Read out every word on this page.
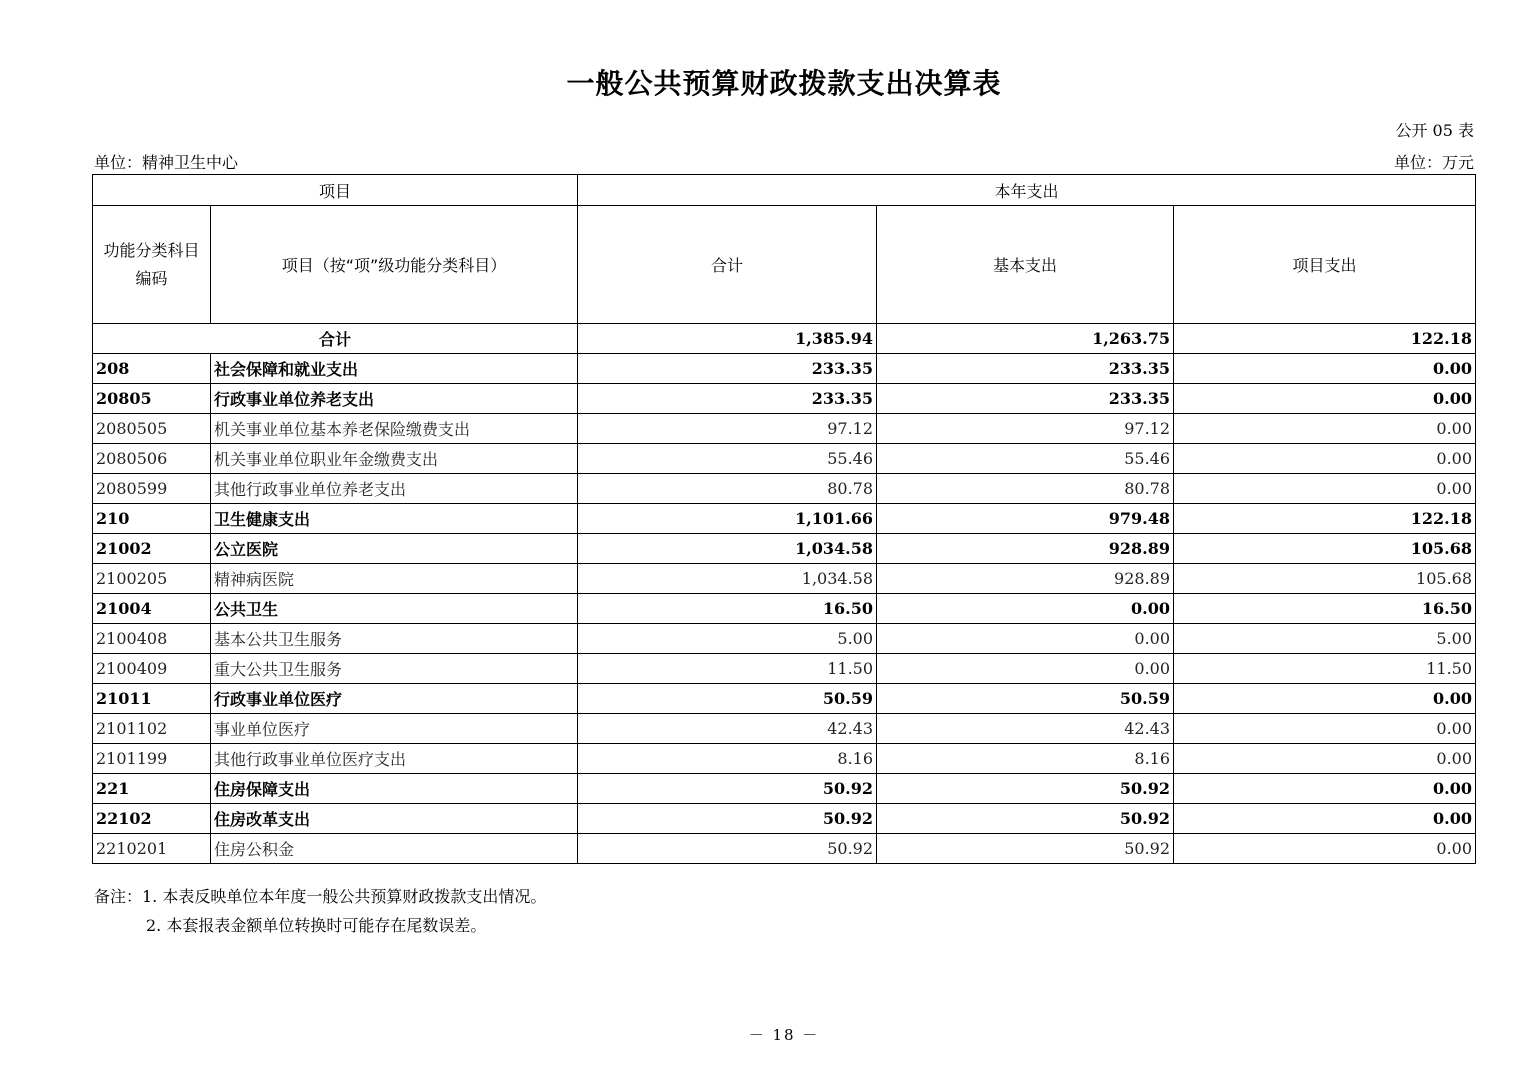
一般公共预算财政拨款支出决算表
公开 05 表
单位：精神卫生中心	单位：万元
项目		本年支出		
功能分类科目编码	项目（按“项”级功能分类科目）	合计	基本支出	项目支出
合计		1,385.94	1,263.75	122.18
208	社会保障和就业支出	233.35	233.35	0.00
20805	行政事业单位养老支出	233.35	233.35	0.00
2080505	机关事业单位基本养老保险缴费支出	97.12	97.12	0.00
2080506	机关事业单位职业年金缴费支出	55.46	55.46	0.00
2080599	其他行政事业单位养老支出	80.78	80.78	0.00
210	卫生健康支出	1,101.66	979.48	122.18
21002	公立医院	1,034.58	928.89	105.68
2100205	精神病医院	1,034.58	928.89	105.68
21004	公共卫生	16.50	0.00	16.50
2100408	基本公共卫生服务	5.00	0.00	5.00
2100409	重大公共卫生服务	11.50	0.00	11.50
21011	行政事业单位医疗	50.59	50.59	0.00
2101102	事业单位医疗	42.43	42.43	0.00
2101199	其他行政事业单位医疗支出	8.16	8.16	0.00
221	住房保障支出	50.92	50.92	0.00
22102	住房改革支出	50.92	50.92	0.00
2210201	住房公积金	50.92	50.92	0.00
备注：1. 本表反映单位本年度一般公共预算财政拨款支出情况。
2. 本套报表金额单位转换时可能存在尾数误差。
－ 18 －
